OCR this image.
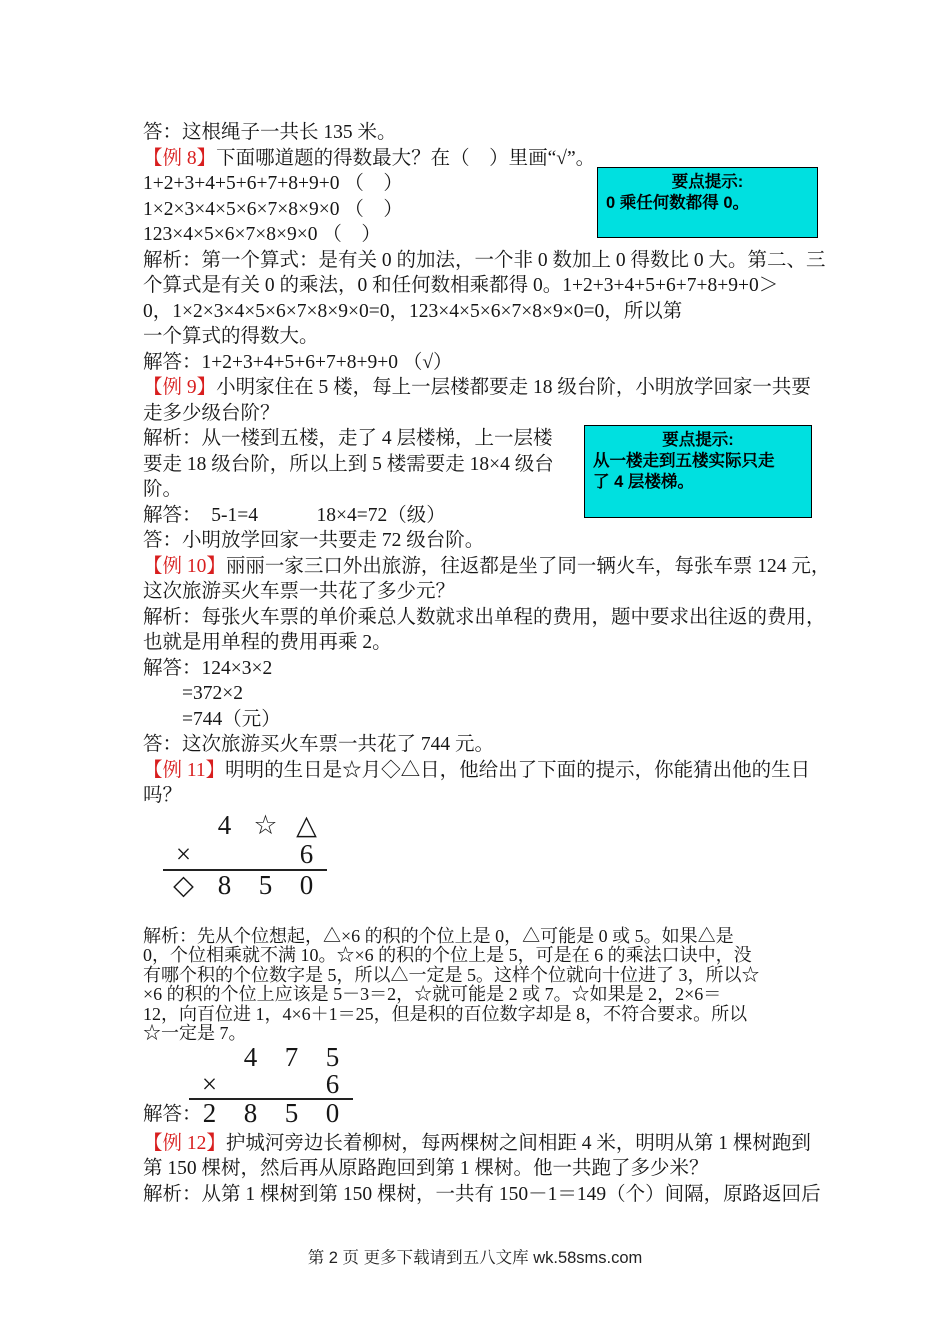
答：这根绳子一共长 135 米。
【例 8】下面哪道题的得数最大？在（　）里画“√”。
1+2+3+4+5+6+7+8+9+0 （　）
1×2×3×4×5×6×7×8×9×0 （　）
123×4×5×6×7×8×9×0 （　）
解析：第一个算式：是有关 0 的加法，一个非 0 数加上 0 得数比 0 大。第二、三
个算式是有关 0 的乘法，0 和任何数相乘都得 0。1+2+3+4+5+6+7+8+9+0＞
0，1×2×3×4×5×6×7×8×9×0=0，123×4×5×6×7×8×9×0=0，所以第
一个算式的得数大。
解答：1+2+3+4+5+6+7+8+9+0 （√）
【例 9】小明家住在 5 楼，每上一层楼都要走 18 级台阶，小明放学回家一共要
走多少级台阶？
解析：从一楼到五楼，走了 4 层楼梯，上一层楼
要走 18 级台阶，所以上到 5 楼需要走 18×4 级台
阶。
解答：　5-1=4　　　18×4=72（级）
答：小明放学回家一共要走 72 级台阶。
【例 10】丽丽一家三口外出旅游，往返都是坐了同一辆火车，每张车票 124 元，
这次旅游买火车票一共花了多少元？
解析：每张火车票的单价乘总人数就求出单程的费用，题中要求出往返的费用，
也就是用单程的费用再乘 2。
解答：124×3×2
　　=372×2
　　=744（元）
答：这次旅游买火车票一共花了 744 元。
【例 11】明明的生日是☆月◇△日，他给出了下面的提示，你能猜出他的生日
吗？
4 ☆ △
×	6
◇ 8	5	0
解析：先从个位想起，△×6 的积的个位上是 0，△可能是 0 或 5。如果△是
0，个位相乘就不满 10。☆×6 的积的个位上是 5，可是在 6 的乘法口诀中，没
有哪个积的个位数字是 5，所以△一定是 5。这样个位就向十位进了 3，所以☆
×6 的积的个位上应该是 5－3＝2，☆就可能是 2 或 7。☆如果是 2，2×6＝
12，向百位进 1，4×6＋1＝25，但是积的百位数字却是 8，不符合要求。所以
☆一定是 7。
解答：
4	7	5
×	6
2	8	5	0
【例 12】护城河旁边长着柳树，每两棵树之间相距 4 米，明明从第 1 棵树跑到
第 150 棵树，然后再从原路跑回到第 1 棵树。他一共跑了多少米？
解析：从第 1 棵树到第 150 棵树，一共有 150－1＝149（个）间隔，原路返回后
要点提示:
0 乘任何数都得 0。
要点提示:
从一楼走到五楼实际只走
了 4 层楼梯。
第 2 页 更多下载请到五八文库 wk.58sms.com
